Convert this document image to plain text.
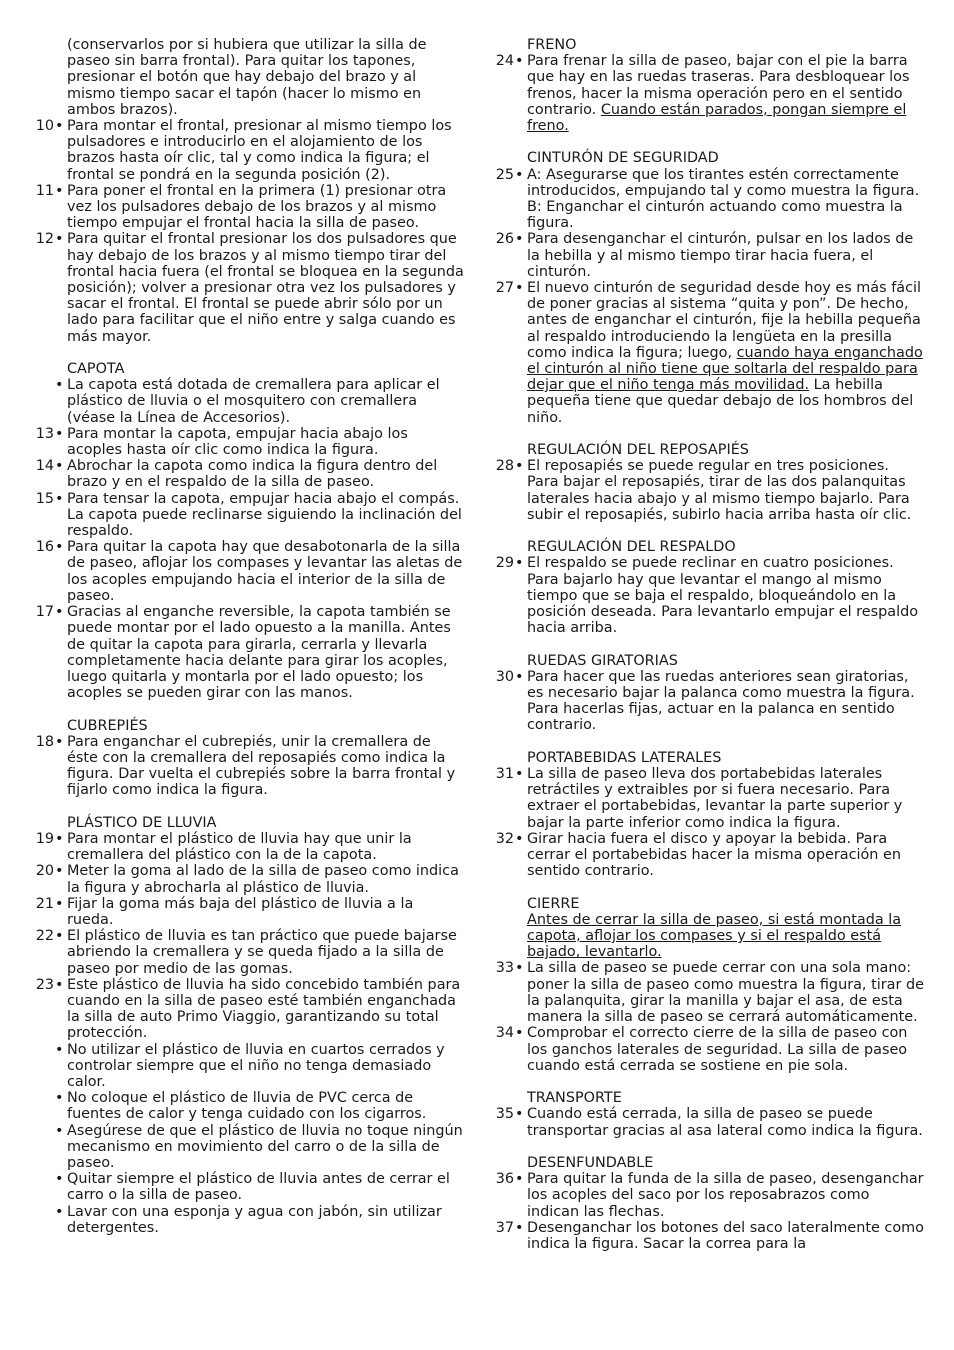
(conservarlos por si hubiera que utilizar la silla de paseo sin barra frontal). Para quitar los tapones, presionar el botón que hay debajo del brazo y al mismo tiempo sacar el tapón (hacer lo mismo en ambos brazos).
10 • Para montar el frontal, presionar al mismo tiempo los pulsadores e introducirlo en el alojamiento de los brazos hasta oír clic, tal y como indica la figura; el frontal se pondrá en la segunda posición (2).
11 • Para poner el frontal en la primera (1) presionar otra vez los pulsadores debajo de los brazos y al mismo tiempo empujar el frontal hacia la silla de paseo.
12 • Para quitar el frontal presionar los dos pulsadores que hay debajo de los brazos y al mismo tiempo tirar del frontal hacia fuera (el frontal se bloquea en la segunda posición); volver a presionar otra vez los pulsadores y sacar el frontal. El frontal se puede abrir sólo por un lado para facilitar que el niño entre y salga cuando es más mayor.
CAPOTA
• La capota está dotada de cremallera para aplicar el plástico de lluvia o el mosquitero con cremallera (véase la Línea de Accesorios).
13 • Para montar la capota, empujar hacia abajo los acoples hasta oír clic como indica la figura.
14 • Abrochar la capota como indica la figura dentro del brazo y en el respaldo de la silla de paseo.
15 • Para tensar la capota, empujar hacia abajo el compás. La capota puede reclinarse siguiendo la inclinación del respaldo.
16 • Para quitar la capota hay que desabotonarla de la silla de paseo, aflojar los compases y levantar las aletas de los acoples empujando hacia el interior de la silla de paseo.
17 • Gracias al enganche reversible, la capota también se puede montar por el lado opuesto a la manilla. Antes de quitar la capota para girarla, cerrarla y llevarla completamente hacia delante para girar los acoples, luego quitarla y montarla por el lado opuesto; los acoples se pueden girar con las manos.
CUBREPIÉS
18 • Para enganchar el cubrepiés, unir la cremallera de éste con la cremallera del reposapiés como indica la figura. Dar vuelta el cubrepiés sobre la barra frontal y fijarlo como indica la figura.
PLÁSTICO DE LLUVIA
19 • Para montar el plástico de lluvia hay que unir la cremallera del plástico con la de la capota.
20 • Meter la goma al lado de la silla de paseo como indica la figura y abrocharla al plástico de lluvia.
21 • Fijar la goma más baja del plástico de lluvia a la rueda.
22 • El plástico de lluvia es tan práctico que puede bajarse abriendo la cremallera y se queda fijado a la silla de paseo por medio de las gomas.
23 • Este plástico de lluvia ha sido concebido también para cuando en la silla de paseo esté también enganchada la silla de auto Primo Viaggio, garantizando su total protección.
• No utilizar el plástico de lluvia en cuartos cerrados y controlar siempre que el niño no tenga demasiado calor.
• No coloque el plástico de lluvia de PVC cerca de fuentes de calor y tenga cuidado con los cigarros.
• Asegúrese de que el plástico de lluvia no toque ningún mecanismo en movimiento del carro o de la silla de paseo.
• Quitar siempre el plástico de lluvia antes de cerrar el carro o la silla de paseo.
• Lavar con una esponja y agua con jabón, sin utilizar detergentes.
FRENO
24 • Para frenar la silla de paseo, bajar con el pie la barra que hay en las ruedas traseras. Para desbloquear los frenos, hacer la misma operación pero en el sentido contrario. Cuando están parados, pongan siempre el freno.
CINTURÓN DE SEGURIDAD
25 • A: Asegurarse que los tirantes estén correctamente introducidos, empujando tal y como muestra la figura. B: Enganchar el cinturón actuando como muestra la figura.
26 • Para desenganchar el cinturón, pulsar en los lados de la hebilla y al mismo tiempo tirar hacia fuera, el cinturón.
27 • El nuevo cinturón de seguridad desde hoy es más fácil de poner gracias al sistema “quita y pon”. De hecho, antes de enganchar el cinturón, fije la hebilla pequeña al respaldo introduciendo la lengüeta en la presilla como indica la figura; luego, cuando haya enganchado el cinturón al niño tiene que soltarla del respaldo para dejar que el niño tenga más movilidad. La hebilla pequeña tiene que quedar debajo de los hombros del niño.
REGULACIÓN DEL REPOSAPIÉS
28 • El reposapiés se puede regular en tres posiciones. Para bajar el reposapiés, tirar de las dos palanquitas laterales hacia abajo y al mismo tiempo bajarlo. Para subir el reposapiés, subirlo hacia arriba hasta oír clic.
REGULACIÓN DEL RESPALDO
29 • El respaldo se puede reclinar en cuatro posiciones. Para bajarlo hay que levantar el mango al mismo tiempo que se baja el respaldo, bloqueándolo en la posición deseada. Para levantarlo empujar el respaldo hacia arriba.
RUEDAS GIRATORIAS
30 • Para hacer que las ruedas anteriores sean giratorias, es necesario bajar la palanca como muestra la figura. Para hacerlas fijas, actuar en la palanca en sentido contrario.
PORTABEBIDAS LATERALES
31 • La silla de paseo lleva dos portabebidas laterales retráctiles y extraibles por si fuera necesario. Para extraer el portabebidas, levantar la parte superior y bajar la parte inferior como indica la figura.
32 • Girar hacia fuera el disco y apoyar la bebida. Para cerrar el portabebidas hacer la misma operación en sentido contrario.
CIERRE
Antes de cerrar la silla de paseo, si está montada la capota, aflojar los compases y si el respaldo está bajado, levantarlo.
33 • La silla de paseo se puede cerrar con una sola mano: poner la silla de paseo como muestra la figura, tirar de la palanquita, girar la manilla y bajar el asa, de esta manera la silla de paseo se cerrará automáticamente.
34 • Comprobar el correcto cierre de la silla de paseo con los ganchos laterales de seguridad. La silla de paseo cuando está cerrada se sostiene en pie sola.
TRANSPORTE
35 • Cuando está cerrada, la silla de paseo se puede transportar gracias al asa lateral como indica la figura.
DESENFUNDABLE
36 • Para quitar la funda de la silla de paseo, desenganchar los acoples del saco por los reposabrazos como indican las flechas.
37 • Desenganchar los botones del saco lateralmente como indica la figura. Sacar la correa para la
